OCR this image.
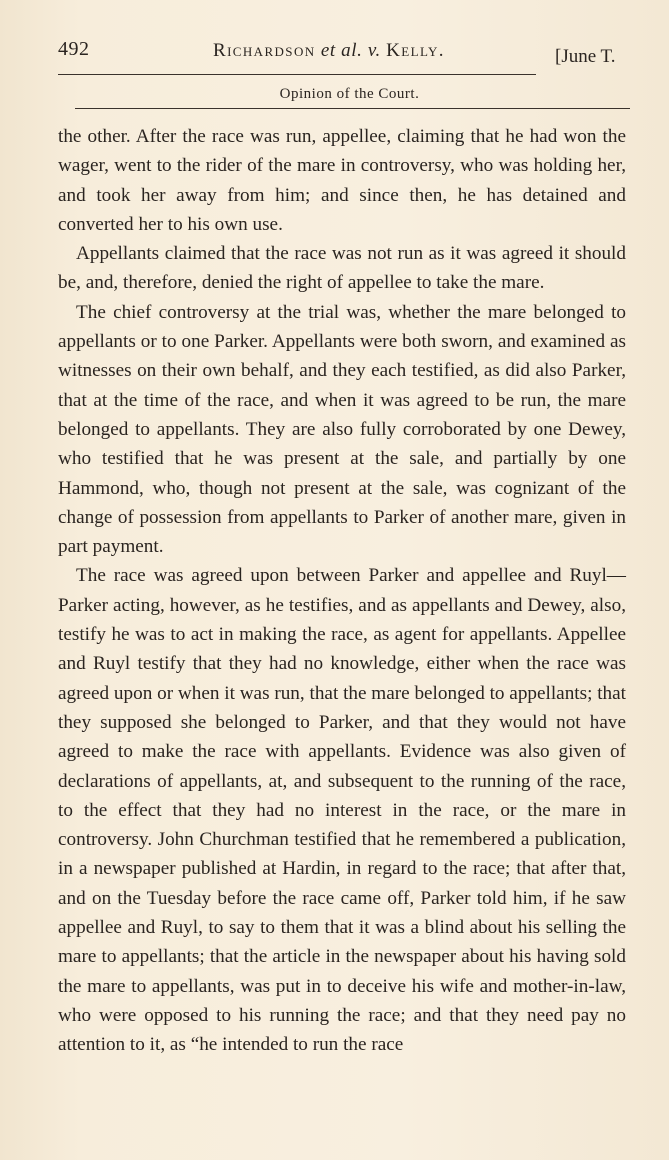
492	Richardson et al. v. Kelly.	[June T.
Opinion of the Court.

the other. After the race was run, appellee, claiming that he had won the wager, went to the rider of the mare in controversy, who was holding her, and took her away from him; and since then, he has detained and converted her to his own use.

Appellants claimed that the race was not run as it was agreed it should be, and, therefore, denied the right of appellee to take the mare.

The chief controversy at the trial was, whether the mare belonged to appellants or to one Parker. Appellants were both sworn, and examined as witnesses on their own behalf, and they each testified, as did also Parker, that at the time of the race, and when it was agreed to be run, the mare belonged to appellants. They are also fully corroborated by one Dewey, who testified that he was present at the sale, and partially by one Hammond, who, though not present at the sale, was cognizant of the change of possession from appellants to Parker of another mare, given in part payment.

The race was agreed upon between Parker and appellee and Ruyl—Parker acting, however, as he testifies, and as appellants and Dewey, also, testify he was to act in making the race, as agent for appellants. Appellee and Ruyl testify that they had no knowledge, either when the race was agreed upon or when it was run, that the mare belonged to appellants; that they supposed she belonged to Parker, and that they would not have agreed to make the race with appellants. Evidence was also given of declarations of appellants, at, and subsequent to the running of the race, to the effect that they had no interest in the race, or the mare in controversy. John Churchman testified that he remembered a publication, in a newspaper published at Hardin, in regard to the race; that after that, and on the Tuesday before the race came off, Parker told him, if he saw appellee and Ruyl, to say to them that it was a blind about his selling the mare to appellants; that the article in the newspaper about his having sold the mare to appellants, was put in to deceive his wife and mother-in-law, who were opposed to his running the race; and that they need pay no attention to it, as “he intended to run the race
